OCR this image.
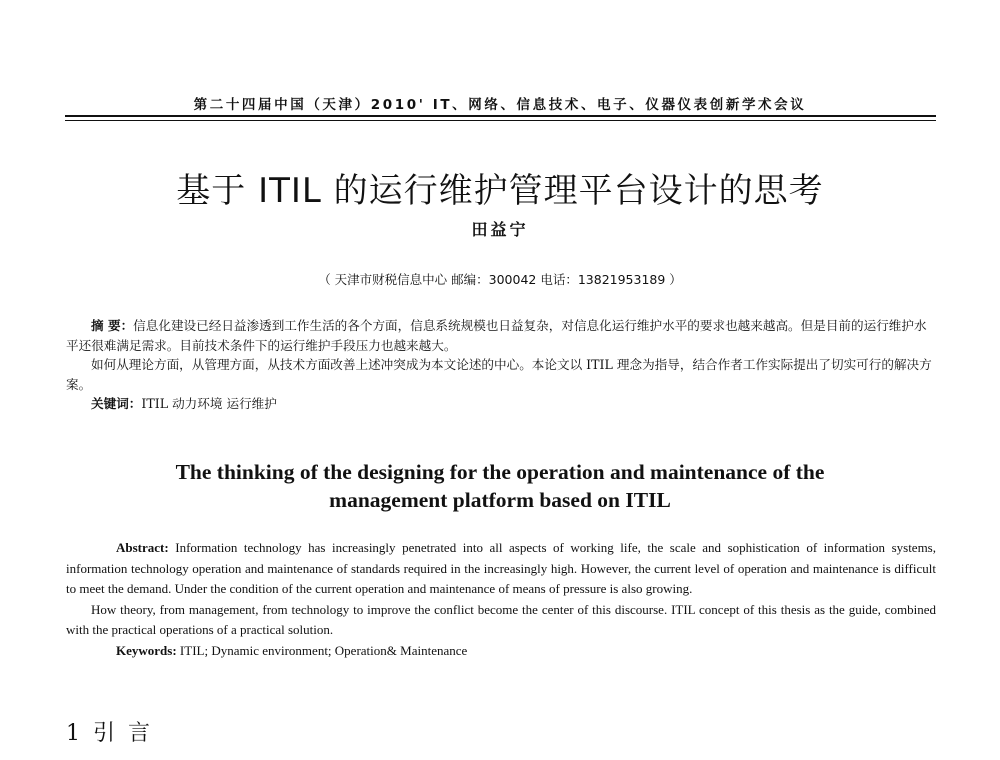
第二十四届中国（天津）2010' IT、网络、信息技术、电子、仪器仪表创新学术会议
基于 ITIL 的运行维护管理平台设计的思考
田益宁
（ 天津市财税信息中心 邮编：300042 电话：13821953189 ）

摘 要：信息化建设已经日益渗透到工作生活的各个方面，信息系统规模也日益复杂，对信息化运行维护水平的要求也越来越高。但是目前的运行维护水平还很难满足需求。目前技术条件下的运行维护手段压力也越来越大。

如何从理论方面，从管理方面，从技术方面改善上述冲突成为本文论述的中心。本论文以 ITIL 理念为指导，结合作者工作实际提出了切实可行的解决方案。

关键词：ITIL 动力环境 运行维护

The thinking of the designing for the operation and maintenance of the
management platform based on ITIL

Abstract: Information technology has increasingly penetrated into all aspects of working life, the scale and sophistication of information systems, information technology operation and maintenance of standards required in the increasingly high. However, the current level of operation and maintenance is difficult to meet the demand. Under the condition of the current operation and maintenance of means of pressure is also growing.

How theory, from management, from technology to improve the conflict become the center of this discourse. ITIL concept of this thesis as the guide, combined with the practical operations of a practical solution.

Keywords: ITIL; Dynamic environment; Operation& Maintenance

1 引 言
